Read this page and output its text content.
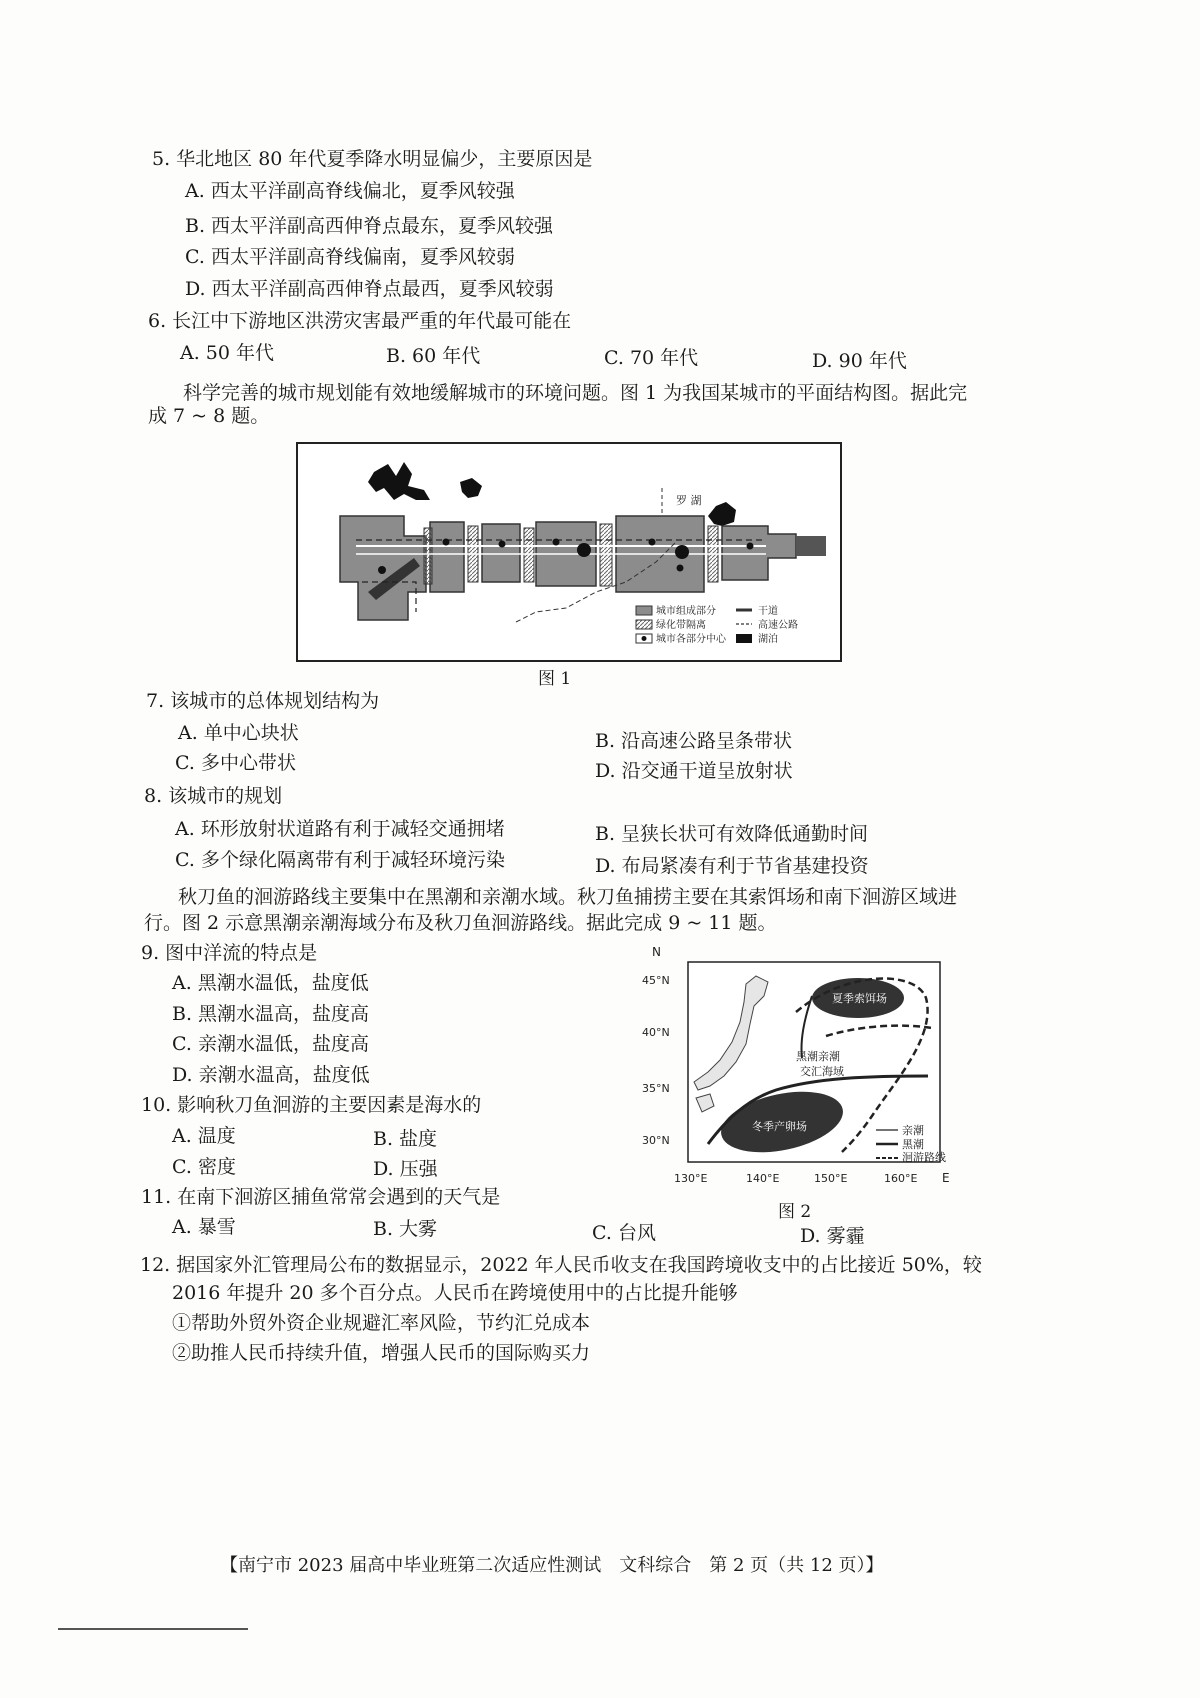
5. 华北地区 80 年代夏季降水明显偏少，主要原因是
A. 西太平洋副高脊线偏北，夏季风较强
B. 西太平洋副高西伸脊点最东，夏季风较强
C. 西太平洋副高脊线偏南，夏季风较弱
D. 西太平洋副高西伸脊点最西，夏季风较弱
6. 长江中下游地区洪涝灾害最严重的年代最可能在
A. 50 年代	B. 60 年代	C. 70 年代	D. 90 年代
科学完善的城市规划能有效地缓解城市的环境问题。图 1 为我国某城市的平面结构图。据此完
成 7 ~ 8 题。
罗 湖
城市组成部分	干道
绿化带隔离	高速公路
城市各部分中心	湖泊
图 1
7. 该城市的总体规划结构为
A. 单中心块状	B. 沿高速公路呈条带状
C. 多中心带状	D. 沿交通干道呈放射状
8. 该城市的规划
A. 环形放射状道路有利于减轻交通拥堵	B. 呈狭长状可有效降低通勤时间
C. 多个绿化隔离带有利于减轻环境污染	D. 布局紧凑有利于节省基建投资
秋刀鱼的洄游路线主要集中在黑潮和亲潮水域。秋刀鱼捕捞主要在其索饵场和南下洄游区域进
行。图 2 示意黑潮亲潮海域分布及秋刀鱼洄游路线。据此完成 9 ~ 11 题。
9. 图中洋流的特点是
A. 黑潮水温低，盐度低
B. 黑潮水温高，盐度高
C. 亲潮水温低，盐度高
D. 亲潮水温高，盐度低
N
45°N
40°N
35°N
30°N
130°E	140°E	150°E	160°E E
夏季索饵场
冬季产卵场
黑潮亲潮
交汇海域
亲潮
黑潮
洄游路线
图 2
10. 影响秋刀鱼洄游的主要因素是海水的
A. 温度	B. 盐度
C. 密度	D. 压强
11. 在南下洄游区捕鱼常常会遇到的天气是
A. 暴雪	B. 大雾	C. 台风	D. 雾霾
12. 据国家外汇管理局公布的数据显示，2022 年人民币收支在我国跨境收支中的占比接近 50%，较
2016 年提升 20 多个百分点。人民币在跨境使用中的占比提升能够
①帮助外贸外资企业规避汇率风险，节约汇兑成本
②助推人民币持续升值，增强人民币的国际购买力
【南宁市 2023 届高中毕业班第二次适应性测试　文科综合　第 2 页（共 12 页）】
